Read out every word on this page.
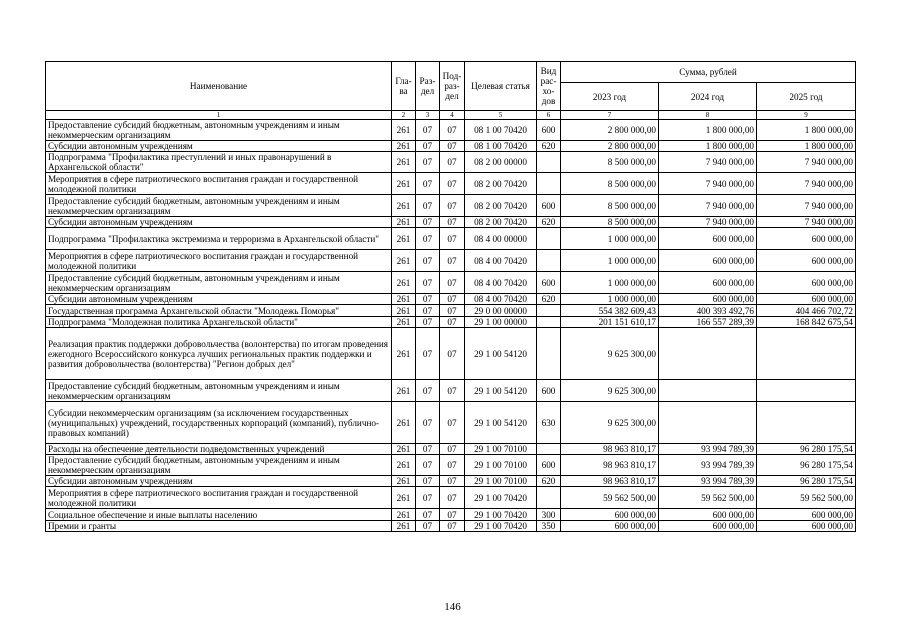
Наименование	Гла-ва	Раз-дел	Под-раз-дел	Целевая статья	Вид рас-хо-дов	Сумма, рублей		
						2023 год	2024 год	2025 год
1	2	3	4	5	6	7	8	9
Предоставление субсидий бюджетным, автономным учреждениям и иным некоммерческим организациям	261	07	07	08 1 00 70420	600	2 800 000,00	1 800 000,00	1 800 000,00
Субсидии автономным учреждениям	261	07	07	08 1 00 70420	620	2 800 000,00	1 800 000,00	1 800 000,00
Подпрограмма "Профилактика преступлений и иных правонарушений в Архангельской области"	261	07	07	08 2 00 00000		8 500 000,00	7 940 000,00	7 940 000,00
Мероприятия в сфере патриотического воспитания граждан и государственной молодежной политики	261	07	07	08 2 00 70420		8 500 000,00	7 940 000,00	7 940 000,00
Предоставление субсидий бюджетным, автономным учреждениям и иным некоммерческим организациям	261	07	07	08 2 00 70420	600	8 500 000,00	7 940 000,00	7 940 000,00
Субсидии автономным учреждениям	261	07	07	08 2 00 70420	620	8 500 000,00	7 940 000,00	7 940 000,00
Подпрограмма "Профилактика экстремизма и терроризма в Архангельской области"	261	07	07	08 4 00 00000		1 000 000,00	600 000,00	600 000,00
Мероприятия в сфере патриотического воспитания граждан и государственной молодежной политики	261	07	07	08 4 00 70420		1 000 000,00	600 000,00	600 000,00
Предоставление субсидий бюджетным, автономным учреждениям и иным некоммерческим организациям	261	07	07	08 4 00 70420	600	1 000 000,00	600 000,00	600 000,00
Субсидии автономным учреждениям	261	07	07	08 4 00 70420	620	1 000 000,00	600 000,00	600 000,00
Государственная программа Архангельской области "Молодежь Поморья"	261	07	07	29 0 00 00000		554 382 609,43	400 393 492,76	404 466 702,72
Подпрограмма "Молодежная политика Архангельской области"	261	07	07	29 1 00 00000		201 151 610,17	166 557 289,39	168 842 675,54
Реализация практик поддержки добровольчества (волонтерства) по итогам проведения ежегодного Всероссийского конкурса лучших региональных практик поддержки и развития добровольчества (волонтерства) "Регион добрых дел"	261	07	07	29 1 00 54120		9 625 300,00		
Предоставление субсидий бюджетным, автономным учреждениям и иным некоммерческим организациям	261	07	07	29 1 00 54120	600	9 625 300,00		
Субсидии некоммерческим организациям (за исключением государственных (муниципальных) учреждений, государственных корпораций (компаний), публично-правовых компаний)	261	07	07	29 1 00 54120	630	9 625 300,00		
Расходы на обеспечение деятельности подведомственных учреждений	261	07	07	29 1 00 70100		98 963 810,17	93 994 789,39	96 280 175,54
Предоставление субсидий бюджетным, автономным учреждениям и иным некоммерческим организациям	261	07	07	29 1 00 70100	600	98 963 810,17	93 994 789,39	96 280 175,54
Субсидии автономным учреждениям	261	07	07	29 1 00 70100	620	98 963 810,17	93 994 789,39	96 280 175,54
Мероприятия в сфере патриотического воспитания граждан и государственной молодежной политики	261	07	07	29 1 00 70420		59 562 500,00	59 562 500,00	59 562 500,00
Социальное обеспечение и иные выплаты населению	261	07	07	29 1 00 70420	300	600 000,00	600 000,00	600 000,00
Премии и гранты	261	07	07	29 1 00 70420	350	600 000,00	600 000,00	600 000,00
146
